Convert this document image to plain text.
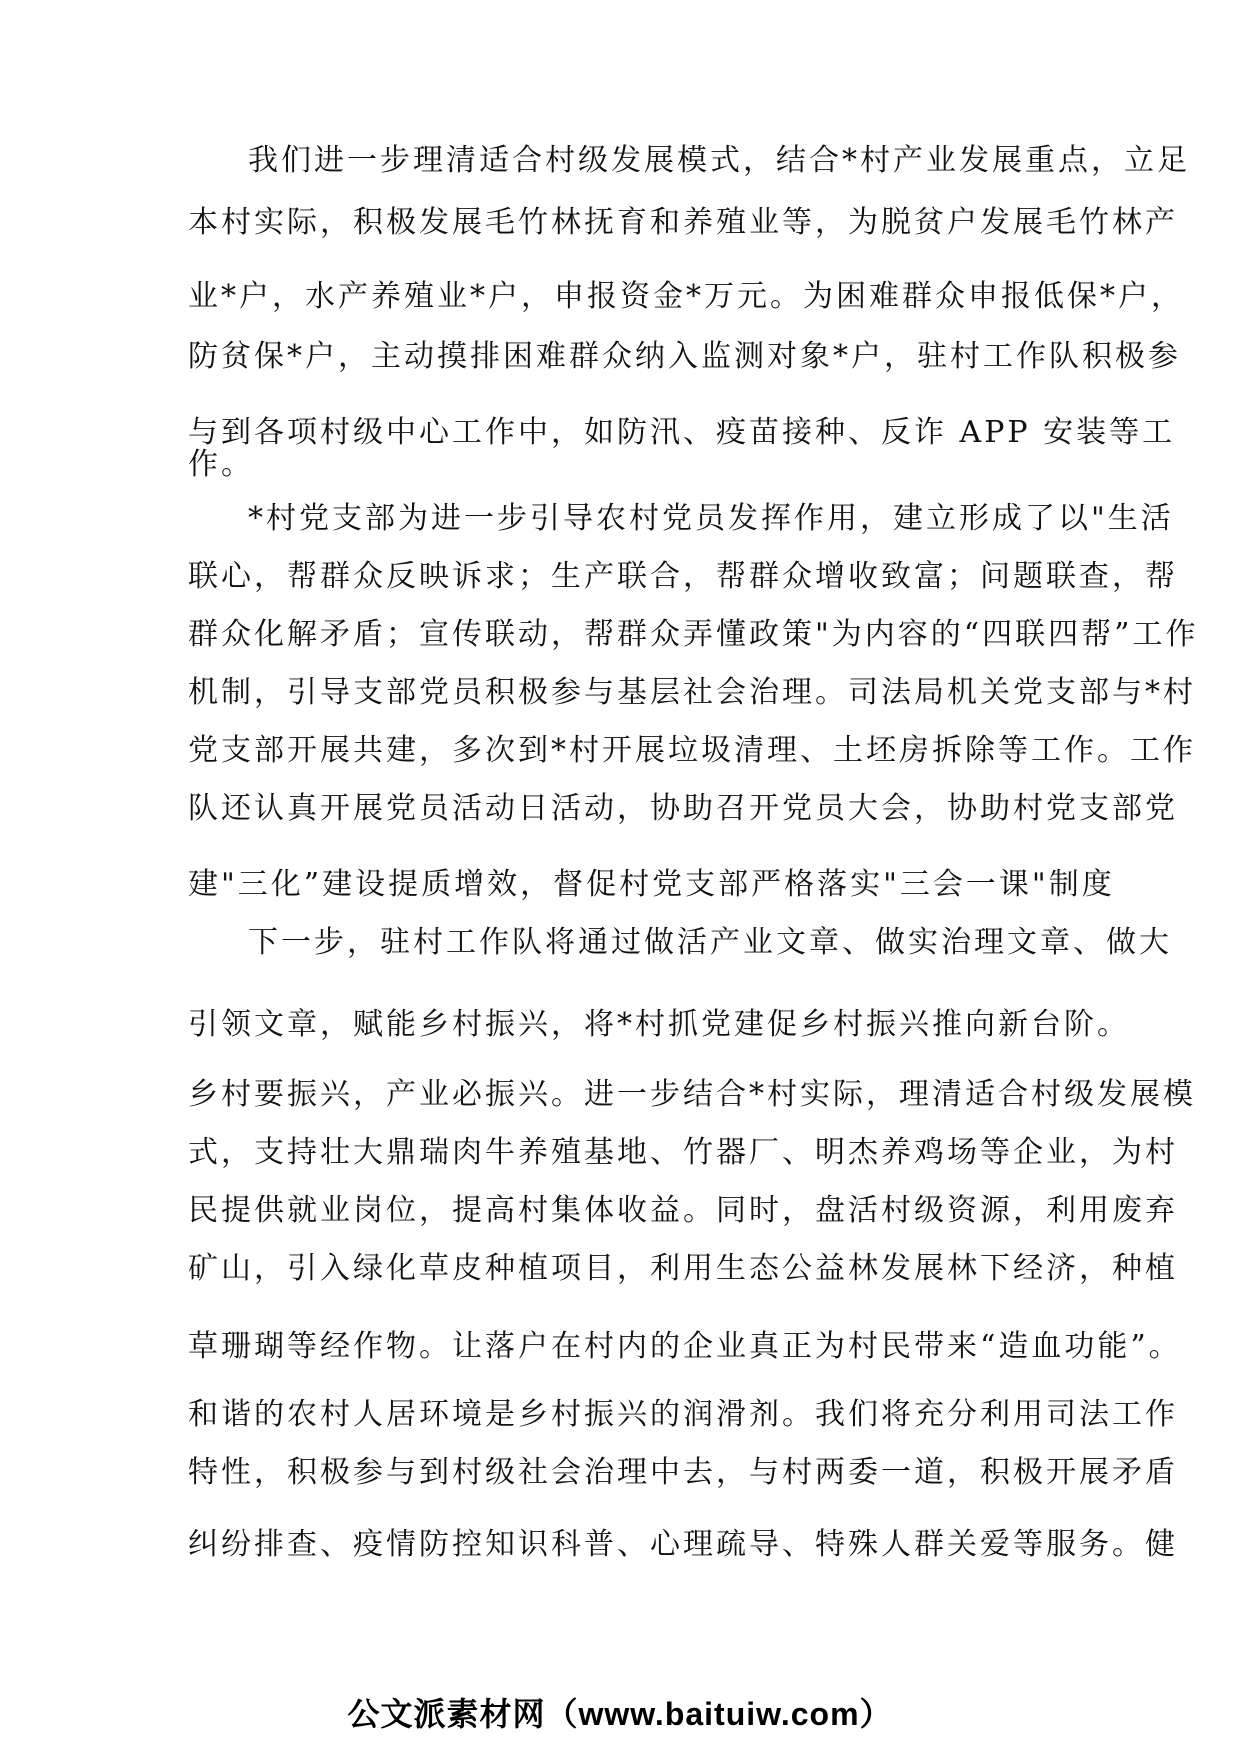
我们进一步理清适合村级发展模式，结合*村产业发展重点，立足
本村实际，积极发展毛竹林抚育和养殖业等，为脱贫户发展毛竹林产
业*户，水产养殖业*户，申报资金*万元。为困难群众申报低保*户，
防贫保*户，主动摸排困难群众纳入监测对象*户，驻村工作队积极参
与到各项村级中心工作中，如防汛、疫苗接种、反诈 APP 安装等工
作。
*村党支部为进一步引导农村党员发挥作用，建立形成了以"生活
联心，帮群众反映诉求；生产联合，帮群众增收致富；问题联查，帮
群众化解矛盾；宣传联动，帮群众弄懂政策"为内容的“四联四帮”工作
机制，引导支部党员积极参与基层社会治理。司法局机关党支部与*村
党支部开展共建，多次到*村开展垃圾清理、土坯房拆除等工作。工作
队还认真开展党员活动日活动，协助召开党员大会，协助村党支部党
建"三化”建设提质增效，督促村党支部严格落实"三会一课"制度
下一步，驻村工作队将通过做活产业文章、做实治理文章、做大
引领文章，赋能乡村振兴，将*村抓党建促乡村振兴推向新台阶。
乡村要振兴，产业必振兴。进一步结合*村实际，理清适合村级发展模
式，支持壮大鼎瑞肉牛养殖基地、竹器厂、明杰养鸡场等企业，为村
民提供就业岗位，提高村集体收益。同时，盘活村级资源，利用废弃
矿山，引入绿化草皮种植项目，利用生态公益林发展林下经济，种植
草珊瑚等经作物。让落户在村内的企业真正为村民带来“造血功能”。
和谐的农村人居环境是乡村振兴的润滑剂。我们将充分利用司法工作
特性，积极参与到村级社会治理中去，与村两委一道，积极开展矛盾
纠纷排查、疫情防控知识科普、心理疏导、特殊人群关爱等服务。健
公文派素材网（www.baituiw.com）
